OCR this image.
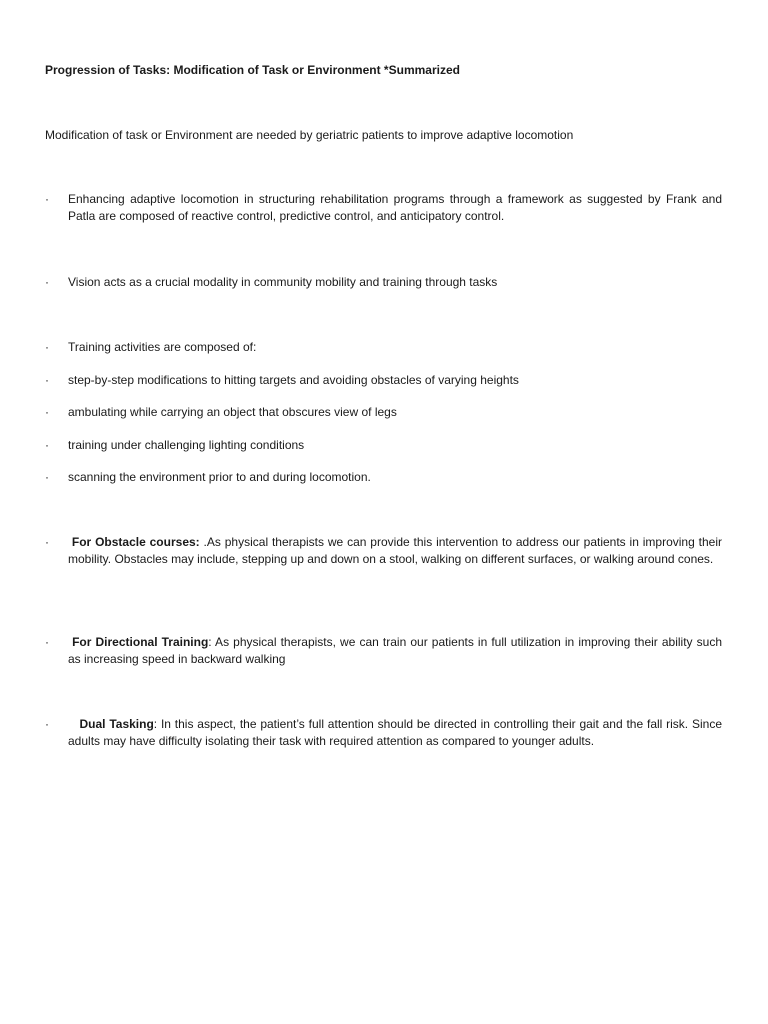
Progression of Tasks: Modification of Task or Environment *Summarized
Modification of task or Environment are needed by geriatric patients to improve adaptive locomotion
·	Enhancing adaptive locomotion in structuring rehabilitation programs through a framework as suggested by Frank and Patla are composed of reactive control, predictive control, and anticipatory control.
·	Vision acts as a crucial modality in community mobility and training through tasks
·	Training activities are composed of:
·	step-by-step modifications to hitting targets and avoiding obstacles of varying heights
·	ambulating while carrying an object that obscures view of legs
·	training under challenging lighting conditions
·	scanning the environment prior to and during locomotion.
·	For Obstacle courses: .As physical therapists we can provide this intervention to address our patients in improving their mobility. Obstacles may include, stepping up and down on a stool, walking on different surfaces, or walking around cones.
·	For Directional Training: As physical therapists, we can train our patients in full utilization in improving their ability such as increasing speed in backward walking
·	Dual Tasking: In this aspect, the patient’s full attention should be directed in controlling their gait and the fall risk. Since adults may have difficulty isolating their task with required attention as compared to younger adults.
